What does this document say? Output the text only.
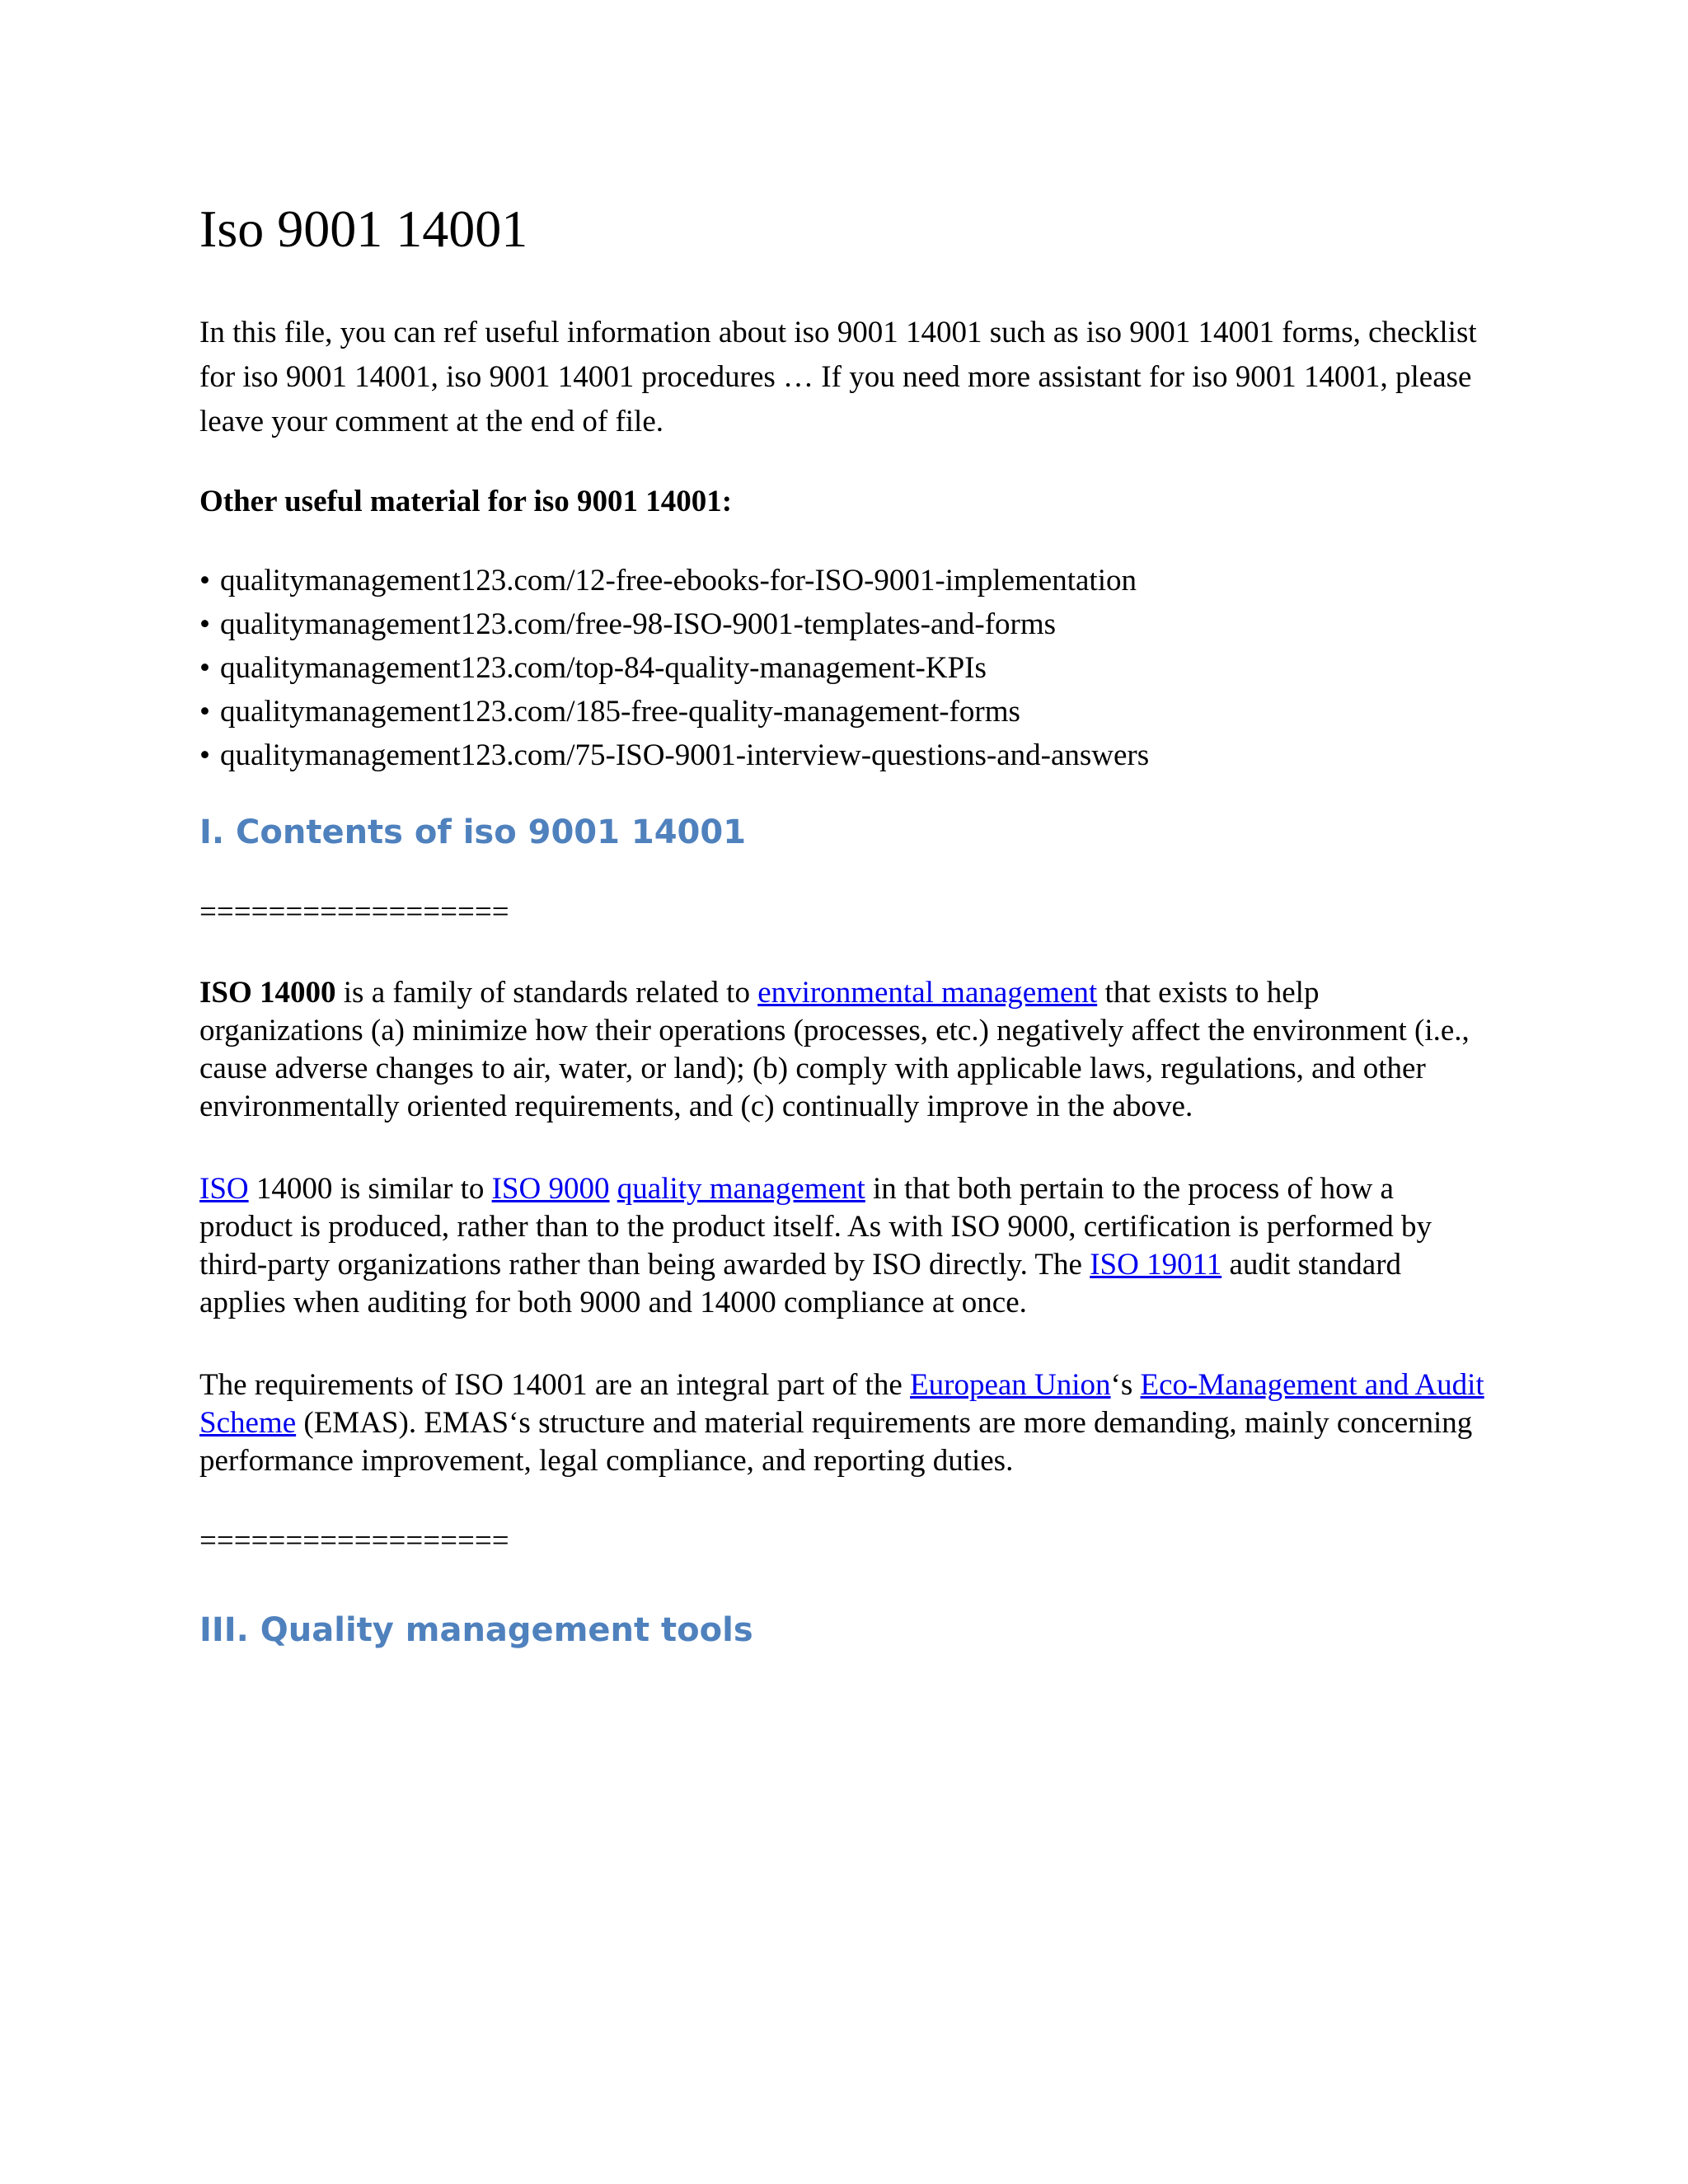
Iso 9001 14001

In this file, you can ref useful information about iso 9001 14001 such as iso 9001 14001 forms, checklist for iso 9001 14001, iso 9001 14001 procedures … If you need more assistant for iso 9001 14001, please leave your comment at the end of file.

Other useful material for iso 9001 14001:
• qualitymanagement123.com/12-free-ebooks-for-ISO-9001-implementation
• qualitymanagement123.com/free-98-ISO-9001-templates-and-forms
• qualitymanagement123.com/top-84-quality-management-KPIs
• qualitymanagement123.com/185-free-quality-management-forms
• qualitymanagement123.com/75-ISO-9001-interview-questions-and-answers
I. Contents of iso 9001 14001
==================

ISO 14000 is a family of standards related to environmental management that exists to help organizations (a) minimize how their operations (processes, etc.) negatively affect the environment (i.e., cause adverse changes to air, water, or land); (b) comply with applicable laws, regulations, and other environmentally oriented requirements, and (c) continually improve in the above.

ISO 14000 is similar to ISO 9000 quality management in that both pertain to the process of how a product is produced, rather than to the product itself. As with ISO 9000, certification is performed by third-party organizations rather than being awarded by ISO directly. The ISO 19011 audit standard applies when auditing for both 9000 and 14000 compliance at once.

The requirements of ISO 14001 are an integral part of the European Union‘s Eco-Management and Audit Scheme (EMAS). EMAS‘s structure and material requirements are more demanding, mainly concerning performance improvement, legal compliance, and reporting duties.

==================
III. Quality management tools
